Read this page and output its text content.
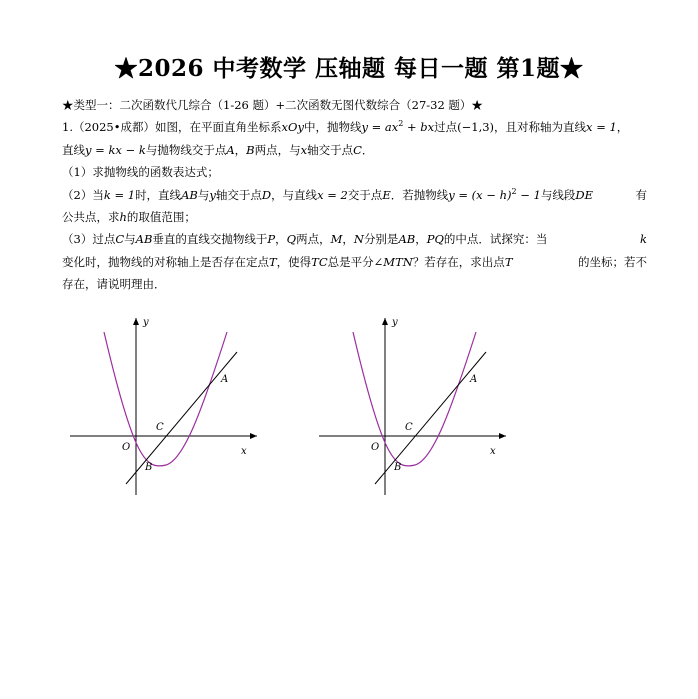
★2026 中考数学 压轴题 每日一题 第1题★
★类型一：二次函数代几综合（1-26 题）+二次函数无图代数综合（27-32 题）★
1.（2025•成都）如图，在平面直角坐标系xOy中，抛物线$y = ax^2$ + bx过点(−1,3)，且对称轴为直线x = 1，
直线y = kx − k与抛物线交于点A，B两点，与x轴交于点C．
（1）求抛物线的函数表达式；
（2）当k = 1时，直线AB与y轴交于点D，与直线x = 2交于点E．若抛物线$y = (x - h)^2 - 1$与线段DE	有
公共点，求h的取值范围；
（3）过点C与AB垂直的直线交抛物线于P，Q两点，M，N分别是AB，PQ的中点．试探究：当	k
变化时，抛物线的对称轴上是否存在定点T，使得TC总是平分∠MTN？若存在，求出点T	的坐标；若不
存在，请说明理由．
y
x
O
A
B
C
y
x
O
A
B
C
